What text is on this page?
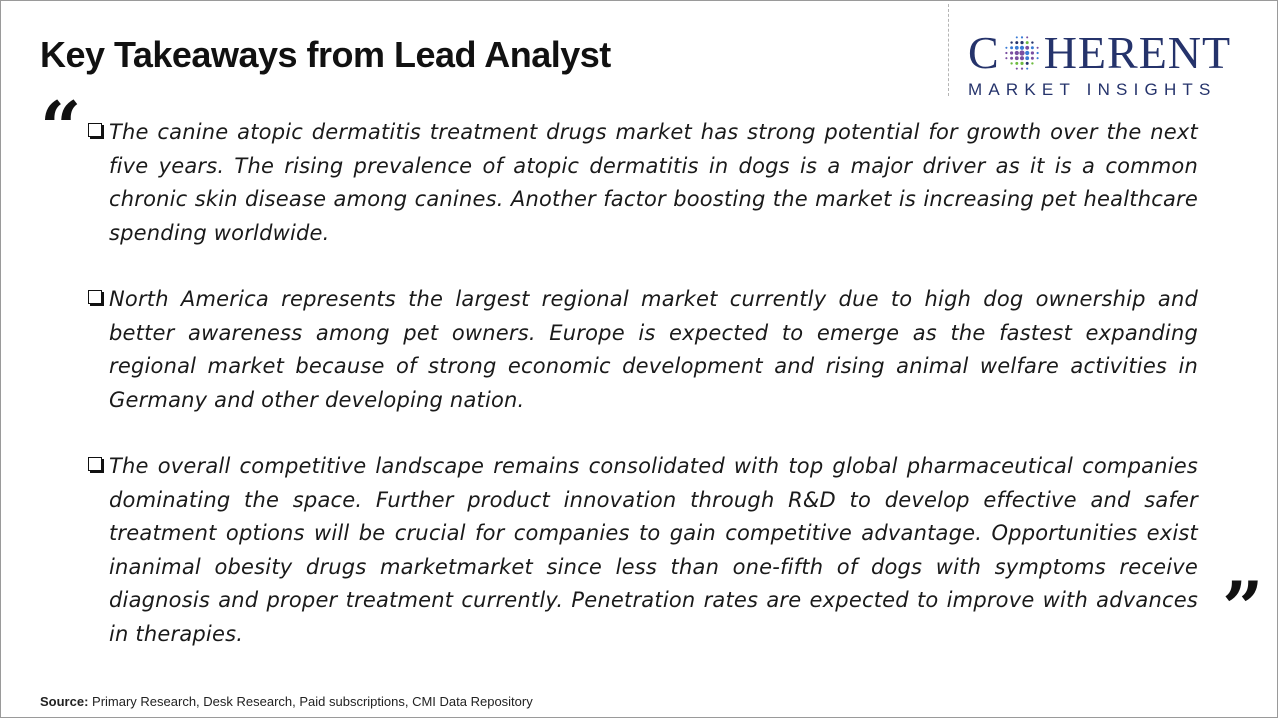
Key Takeaways from Lead Analyst	C HERENT
MARKET INSIGHTS
“
”

The canine atopic dermatitis treatment drugs market has strong potential for growth over the next five years. The rising prevalence of atopic dermatitis in dogs is a major driver as it is a common chronic skin disease among canines. Another factor boosting the market is increasing pet healthcare spending worldwide.

North America represents the largest regional market currently due to high dog ownership and better awareness among pet owners. Europe is expected to emerge as the fastest expanding regional market because of strong economic development and rising animal welfare activities in Germany and other developing nation.

The overall competitive landscape remains consolidated with top global pharmaceutical companies dominating the space. Further product innovation through R&D to develop effective and safer treatment options will be crucial for companies to gain competitive advantage. Opportunities exist inanimal obesity drugs marketmarket since less than one-fifth of dogs with symptoms receive diagnosis and proper treatment currently. Penetration rates are expected to improve with advances in therapies.

Source: Primary Research, Desk Research, Paid subscriptions, CMI Data Repository
